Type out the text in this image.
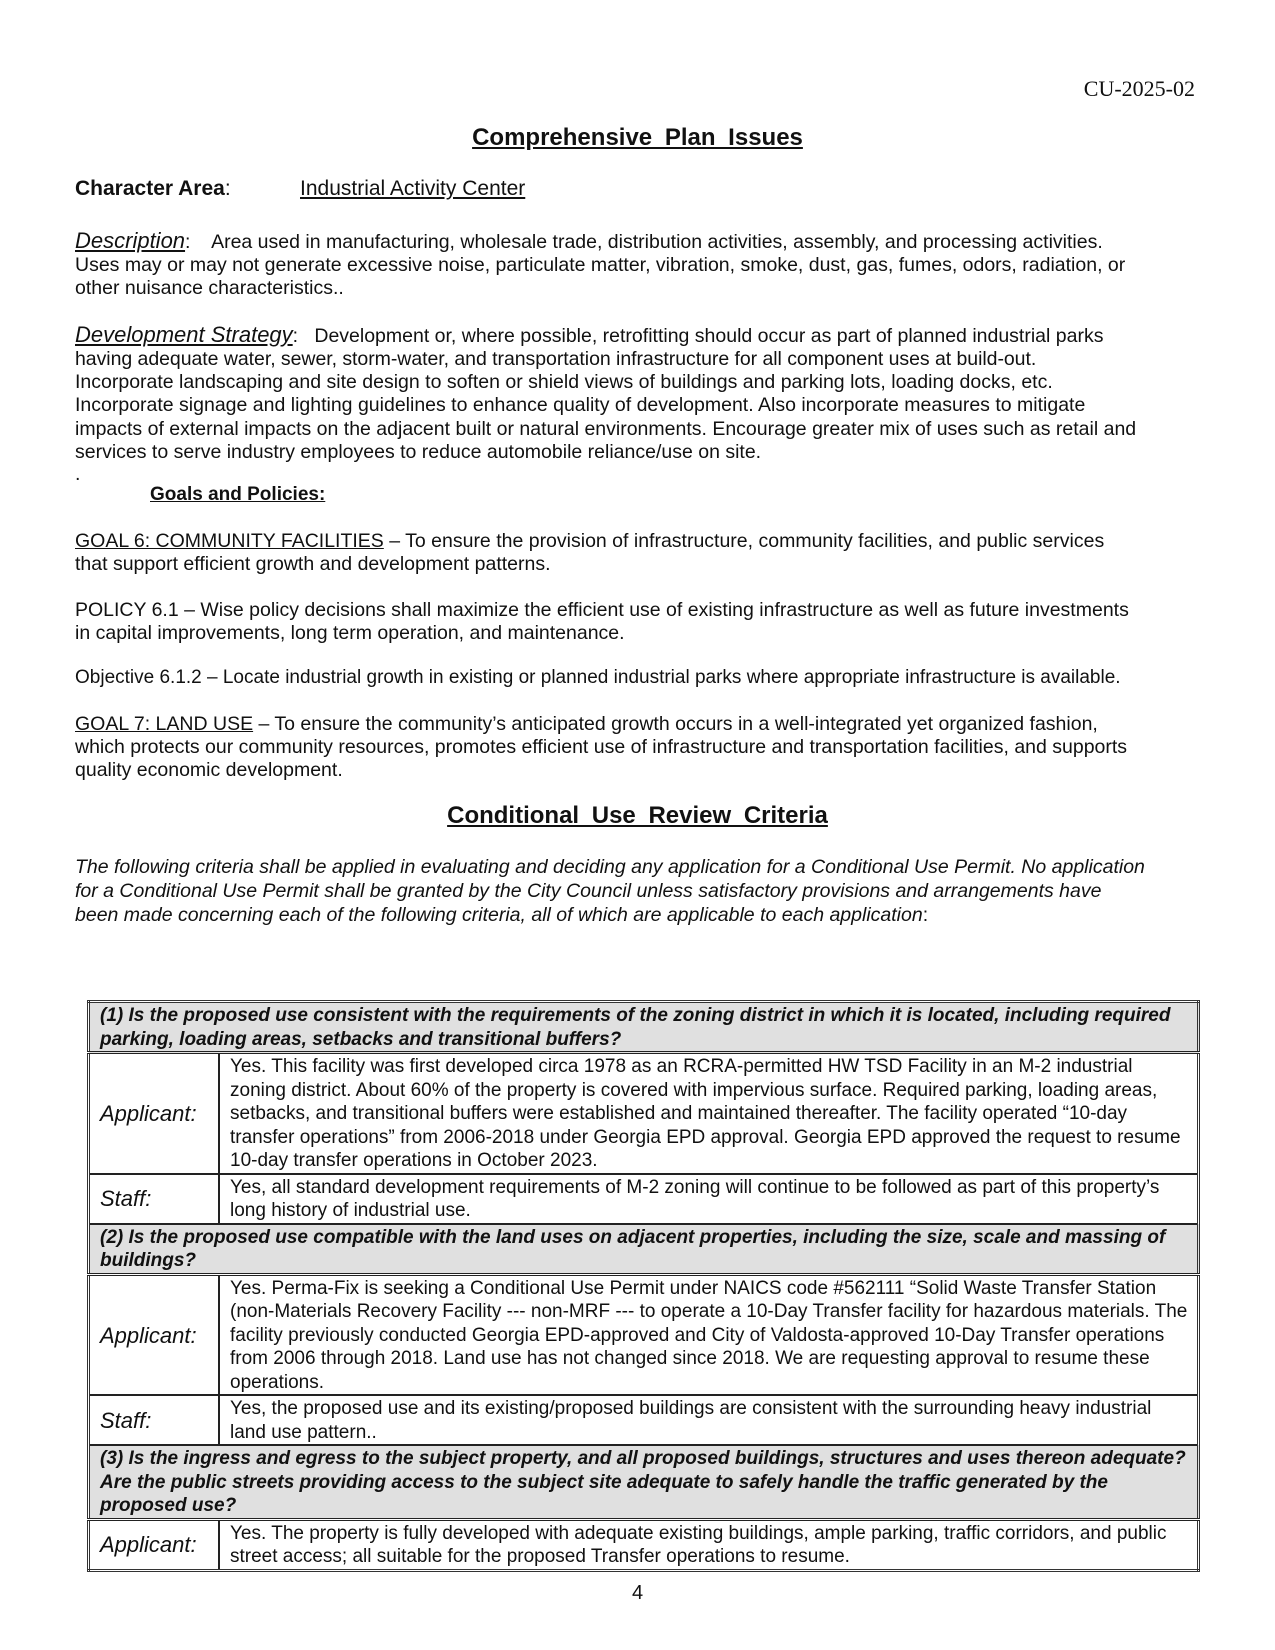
CU-2025-02
Comprehensive Plan Issues
Character Area:	Industrial Activity Center
Description: Area used in manufacturing, wholesale trade, distribution activities, assembly, and processing activities.
Uses may or may not generate excessive noise, particulate matter, vibration, smoke, dust, gas, fumes, odors, radiation, or
other nuisance characteristics..
Development Strategy: Development or, where possible, retrofitting should occur as part of planned industrial parks
having adequate water, sewer, storm-water, and transportation infrastructure for all component uses at build-out.
Incorporate landscaping and site design to soften or shield views of buildings and parking lots, loading docks, etc.
Incorporate signage and lighting guidelines to enhance quality of development. Also incorporate measures to mitigate
impacts of external impacts on the adjacent built or natural environments. Encourage greater mix of uses such as retail and
services to serve industry employees to reduce automobile reliance/use on site.
.
Goals and Policies:
GOAL 6: COMMUNITY FACILITIES – To ensure the provision of infrastructure, community facilities, and public services
that support efficient growth and development patterns.
POLICY 6.1 – Wise policy decisions shall maximize the efficient use of existing infrastructure as well as future investments
in capital improvements, long term operation, and maintenance.
Objective 6.1.2 – Locate industrial growth in existing or planned industrial parks where appropriate infrastructure is available.
GOAL 7: LAND USE – To ensure the community’s anticipated growth occurs in a well-integrated yet organized fashion,
which protects our community resources, promotes efficient use of infrastructure and transportation facilities, and supports
quality economic development.
Conditional Use Review Criteria
The following criteria shall be applied in evaluating and deciding any application for a Conditional Use Permit. No application
for a Conditional Use Permit shall be granted by the City Council unless satisfactory provisions and arrangements have
been made concerning each of the following criteria, all of which are applicable to each application:
(1) Is the proposed use consistent with the requirements of the zoning district in which it is located, including required parking, loading areas, setbacks and transitional buffers?	
Applicant:	Yes. This facility was first developed circa 1978 as an RCRA-permitted HW TSD Facility in an M-2 industrial zoning district. About 60% of the property is covered with impervious surface. Required parking, loading areas, setbacks, and transitional buffers were established and maintained thereafter. The facility operated “10-day transfer operations” from 2006-2018 under Georgia EPD approval. Georgia EPD approved the request to resume 10-day transfer operations in October 2023.
Staff:	Yes, all standard development requirements of M-2 zoning will continue to be followed as part of this property’s long history of industrial use.
(2) Is the proposed use compatible with the land uses on adjacent properties, including the size, scale and massing of buildings?	
Applicant:	Yes. Perma-Fix is seeking a Conditional Use Permit under NAICS code #562111 “Solid Waste Transfer Station (non-Materials Recovery Facility --- non-MRF --- to operate a 10-Day Transfer facility for hazardous materials. The facility previously conducted Georgia EPD-approved and City of Valdosta-approved 10-Day Transfer operations from 2006 through 2018. Land use has not changed since 2018. We are requesting approval to resume these operations.
Staff:	Yes, the proposed use and its existing/proposed buildings are consistent with the surrounding heavy industrial land use pattern..
(3) Is the ingress and egress to the subject property, and all proposed buildings, structures and uses thereon adequate? Are the public streets providing access to the subject site adequate to safely handle the traffic generated by the proposed use?	
Applicant:	Yes. The property is fully developed with adequate existing buildings, ample parking, traffic corridors, and public street access; all suitable for the proposed Transfer operations to resume.
4
